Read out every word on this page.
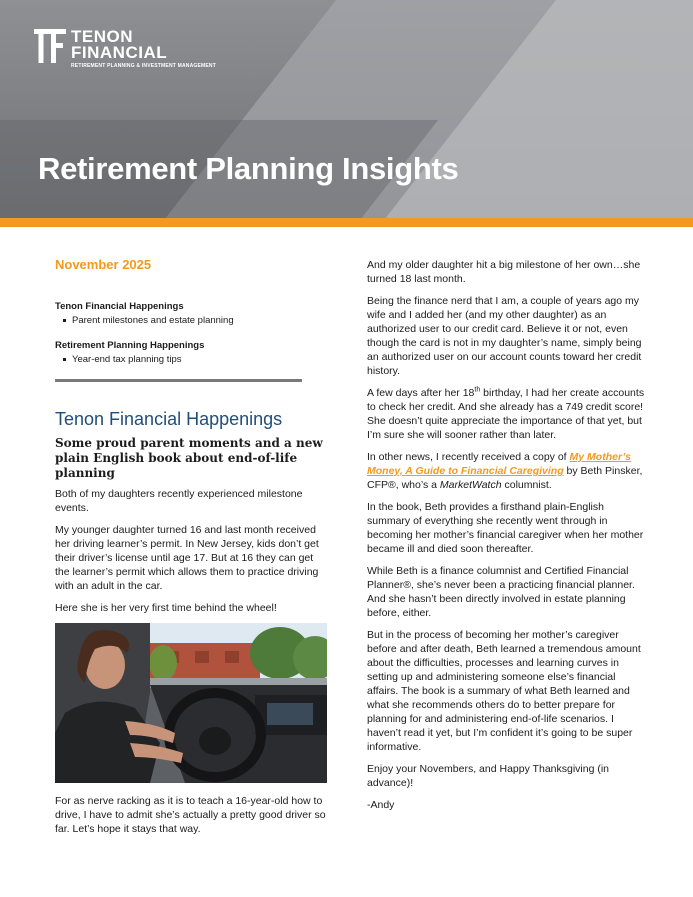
TENON
FINANCIAL
RETIREMENT PLANNING & INVESTMENT MANAGEMENT
Retirement Planning Insights
November 2025
Tenon Financial Happenings
Parent milestones and estate planning
Retirement Planning Happenings
Year-end tax planning tips
Tenon Financial Happenings
Some proud parent moments and a new plain English book about end-of-life planning

Both of my daughters recently experienced milestone events.

My younger daughter turned 16 and last month received her driving learner’s permit. In New Jersey, kids don’t get their driver’s license until age 17. But at 16 they can get the learner’s permit which allows them to practice driving with an adult in the car.

Here she is her very first time behind the wheel!

For as nerve racking as it is to teach a 16-year-old how to drive, I have to admit she’s actually a pretty good driver so far. Let’s hope it stays that way.

And my older daughter hit a big milestone of her own…she turned 18 last month.

Being the finance nerd that I am, a couple of years ago my wife and I added her (and my other daughter) as an authorized user to our credit card. Believe it or not, even though the card is not in my daughter’s name, simply being an authorized user on our account counts toward her credit history.

A few days after her 18th birthday, I had her create accounts to check her credit. And she already has a 749 credit score! She doesn’t quite appreciate the importance of that yet, but I’m sure she will sooner rather than later.

In other news, I recently received a copy of My Mother’s Money, A Guide to Financial Caregiving by Beth Pinsker, CFP®, who’s a MarketWatch columnist.

In the book, Beth provides a firsthand plain-English summary of everything she recently went through in becoming her mother’s financial caregiver when her mother became ill and died soon thereafter.

While Beth is a finance columnist and Certified Financial Planner®, she’s never been a practicing financial planner. And she hasn’t been directly involved in estate planning before, either.

But in the process of becoming her mother’s caregiver before and after death, Beth learned a tremendous amount about the difficulties, processes and learning curves in setting up and administering someone else’s financial affairs. The book is a summary of what Beth learned and what she recommends others do to better prepare for planning for and administering end-of-life scenarios. I haven’t read it yet, but I’m confident it’s going to be super informative.

Enjoy your Novembers, and Happy Thanksgiving (in advance)!

-Andy
